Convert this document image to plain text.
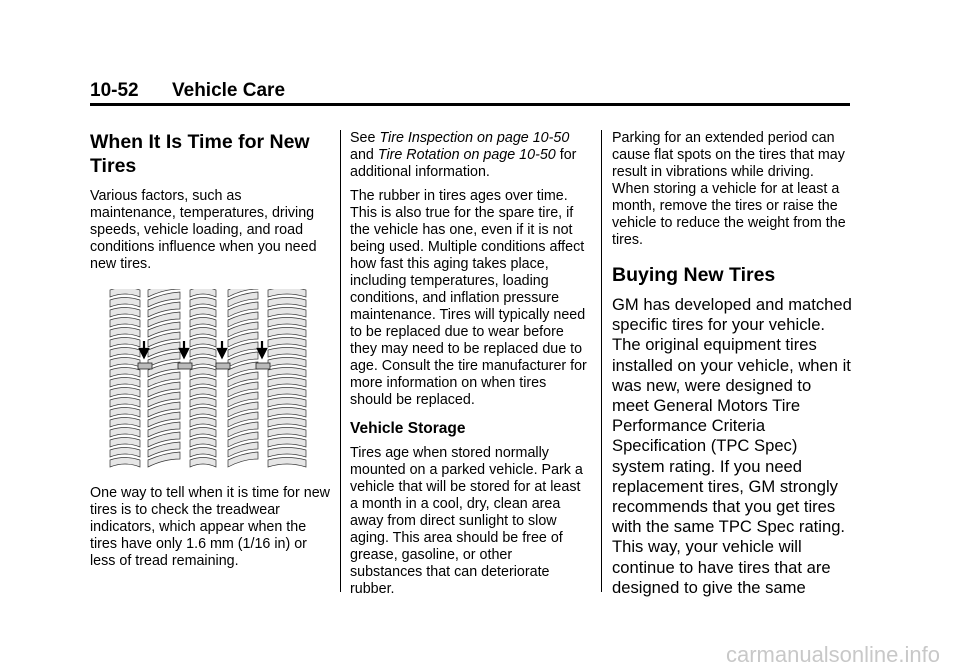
10-52 Vehicle Care
When It Is Time for New Tires

Various factors, such as maintenance, temperatures, driving speeds, vehicle loading, and road conditions influence when you need new tires.

One way to tell when it is time for new tires is to check the treadwear indicators, which appear when the tires have only 1.6 mm (1/16 in) or less of tread remaining.

See Tire Inspection on page 10-50 and Tire Rotation on page 10-50 for additional information.

The rubber in tires ages over time. This is also true for the spare tire, if the vehicle has one, even if it is not being used. Multiple conditions affect how fast this aging takes place, including temperatures, loading conditions, and inflation pressure maintenance. Tires will typically need to be replaced due to wear before they may need to be replaced due to age. Consult the tire manufacturer for more information on when tires should be replaced.

Vehicle Storage

Tires age when stored normally mounted on a parked vehicle. Park a vehicle that will be stored for at least a month in a cool, dry, clean area away from direct sunlight to slow aging. This area should be free of grease, gasoline, or other substances that can deteriorate rubber.

Parking for an extended period can cause flat spots on the tires that may result in vibrations while driving. When storing a vehicle for at least a month, remove the tires or raise the vehicle to reduce the weight from the tires.

Buying New Tires

GM has developed and matched specific tires for your vehicle. The original equipment tires installed on your vehicle, when it was new, were designed to meet General Motors Tire Performance Criteria Specification (TPC Spec) system rating. If you need replacement tires, GM strongly recommends that you get tires with the same TPC Spec rating. This way, your vehicle will continue to have tires that are designed to give the same

carmanualsonline.info
